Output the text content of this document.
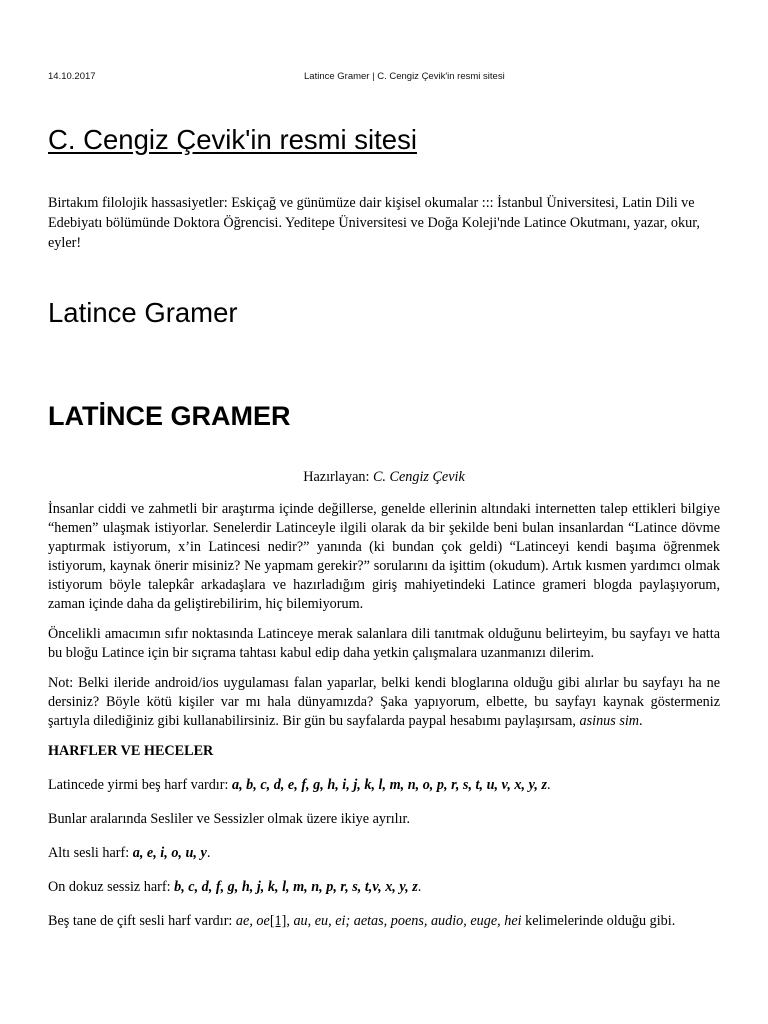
14.10.2017	Latince Gramer | C. Cengiz Çevik'in resmi sitesi
C. Cengiz Çevik'in resmi sitesi

Birtakım filolojik hassasiyetler: Eskiçağ ve günümüze dair kişisel okumalar ::: İstanbul Üniversitesi, Latin Dili ve Edebiyatı bölümünde Doktora Öğrencisi. Yeditepe Üniversitesi ve Doğa Koleji'nde Latince Okutmanı, yazar, okur, eyler!

Latince Gramer
LATİNCE GRAMER

Hazırlayan: C. Cengiz Çevik

İnsanlar ciddi ve zahmetli bir araştırma içinde değillerse, genelde ellerinin altındaki internetten talep ettikleri bilgiye “hemen” ulaşmak istiyorlar. Senelerdir Latinceyle ilgili olarak da bir şekilde beni bulan insanlardan “Latince dövme yaptırmak istiyorum, x’in Latincesi nedir?” yanında (ki bundan çok geldi) “Latinceyi kendi başıma öğrenmek istiyorum, kaynak önerir misiniz? Ne yapmam gerekir?” sorularını da işittim (okudum). Artık kısmen yardımcı olmak istiyorum böyle talepkâr arkadaşlara ve hazırladığım giriş mahiyetindeki Latince grameri blogda paylaşıyorum, zaman içinde daha da geliştirebilirim, hiç bilemiyorum.

Öncelikli amacımın sıfır noktasında Latinceye merak salanlara dili tanıtmak olduğunu belirteyim, bu sayfayı ve hatta bu bloğu Latince için bir sıçrama tahtası kabul edip daha yetkin çalışmalara uzanmanızı dilerim.

Not: Belki ileride android/ios uygulaması falan yaparlar, belki kendi bloglarına olduğu gibi alırlar bu sayfayı ha ne dersiniz? Böyle kötü kişiler var mı hala dünyamızda? Şaka yapıyorum, elbette, bu sayfayı kaynak göstermeniz şartıyla dilediğiniz gibi kullanabilirsiniz. Bir gün bu sayfalarda paypal hesabımı paylaşırsam, asinus sim.

HARFLER VE HECELER

Latincede yirmi beş harf vardır: a, b, c, d, e, f, g, h, i, j, k, l, m, n, o, p, r, s, t, u, v, x, y, z.

Bunlar aralarında Sesliler ve Sessizler olmak üzere ikiye ayrılır.

Altı sesli harf: a, e, i, o, u, y.

On dokuz sessiz harf: b, c, d, f, g, h, j, k, l, m, n, p, r, s, t,v, x, y, z.

Beş tane de çift sesli harf vardır: ae, oe[1], au, eu, ei; aetas, poens, audio, euge, hei kelimelerinde olduğu gibi.
